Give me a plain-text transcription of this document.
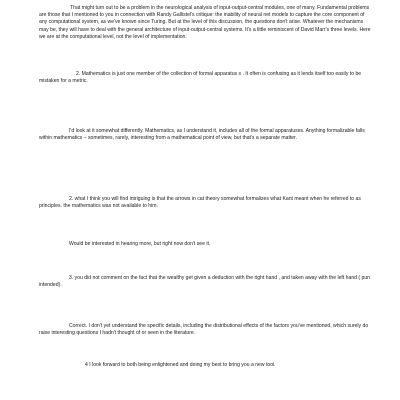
That might turn out to be a problem in the neurological analysis of input-output-central modules, one of many. Fundamental problems are those that I mentioned to you in connection with Randy Gallistel's critique: the inability of neural net models to capture the core component of any computational system, as we've known since Turing. But at the level of this discussion, the questions don't arise. Whatever the mechanisms may be, they will have to deal with the general architecture of input-output-central systems. It's a little reminiscent of David Marr's three levels. Here we are at the computational level, not the level of implementation.

2. Mathematics is just one member of the collection of formal apparatus s . It often is confusing as it lends itself too easily to be mistaken for a metric.

I'd look at it somewhat differently. Mathematics, as I understand it, includes all of the formal apparatuses. Anything formalizable falls within mathematics – sometimes, rarely, interesting from a mathematical point of view, but that's a separate matter.

2. what I think you will find intriguing is that the arrows in cat theory somewhat formalizes what Kant meant when he referred to as principles. the mathematics was not available to him.

Would be interested in hearing more, but right now don't see it.

3. you did not comment on the fact that the wealthy get given a deduction with the right hand , and taken away with the left hand ( pun intended).

Correct. I don't yet understand the specific details, including the distributional effects of the factors you've mentioned, which surely do raise interesting questions I hadn't thought of or seen in the literature.

4 I look forward to both being enlightened and doing my best to bring you a new tool.
